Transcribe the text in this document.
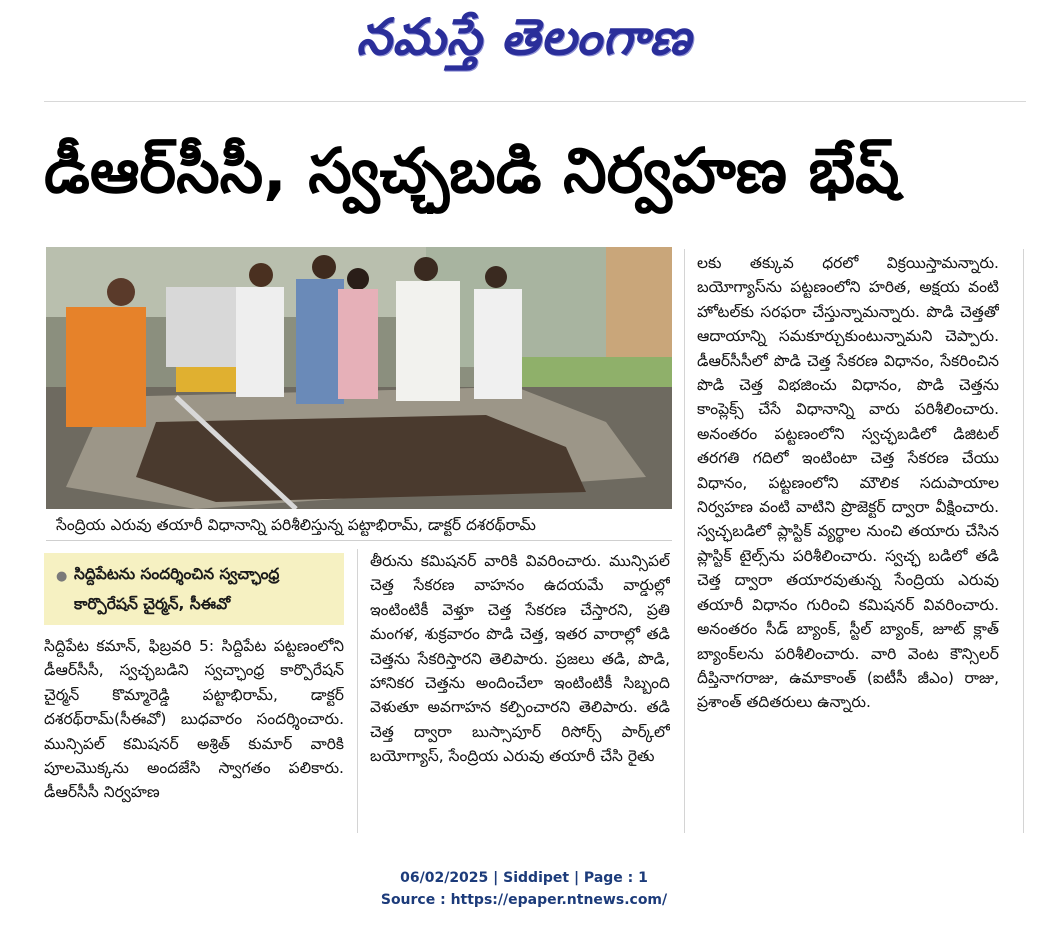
నమస్తే తెలంగాణ
డీఆర్‌సీసీ, స్వచ్ఛబడి నిర్వహణ భేష్
సేంద్రియ ఎరువు తయారీ విధానాన్ని పరిశీలిస్తున్న పట్టాభిరామ్‌, డాక్టర్‌ దశరథ్‌రామ్‌
● సిద్దిపేటను సందర్శించిన స్వచ్ఛాంధ్ర కార్పొరేషన్‌ చైర్మన్‌, సీఈవో
సిద్దిపేట కమాన్‌, ఫిబ్రవరి 5: సిద్దిపేట పట్టణంలోని డీఆర్‌సీసీ, స్వచ్ఛబడిని స్వచ్ఛాంధ్ర కార్పొరేషన్‌ చైర్మన్‌ కొమ్మారెడ్డి పట్టాభిరామ్‌, డాక్టర్‌ దశరథ్‌రామ్‌(సీఈవో) బుధవారం సందర్శించారు. మున్సిపల్‌ కమిషనర్‌ అశ్రిత్‌ కుమార్‌ వారికి పూలమొక్కను అందజేసి స్వాగతం పలికారు. డీఆర్‌సీసీ నిర్వహణ
తీరును కమిషనర్‌ వారికి వివరించారు. మున్సిపల్‌ చెత్త సేకరణ వాహనం ఉదయమే వార్డుల్లో ఇంటింటికీ వెళ్తూ చెత్త సేకరణ చేస్తారని, ప్రతి మంగళ, శుక్రవారం పొడి చెత్త, ఇతర వారాల్లో తడి చెత్తను సేకరిస్తారని తెలిపారు. ప్రజలు తడి, పొడి, హానికర చెత్తను అందించేలా ఇంటింటికీ సిబ్బంది వెళుతూ అవగాహన కల్పించారని తెలిపారు. తడి చెత్త ద్వారా బుస్సాపూర్‌ రిసోర్స్‌ పార్క్‌లో బయోగ్యాస్‌, సేంద్రియ ఎరువు తయారీ చేసి రైతు
లకు తక్కువ ధరలో విక్రయిస్తామన్నారు. బయోగ్యాస్‌ను పట్టణంలోని హరిత, అక్షయ వంటి హోటల్‌కు సరఫరా చేస్తున్నామన్నారు. పొడి చెత్తతో ఆదాయాన్ని సమకూర్చుకుంటున్నామని చెప్పారు. డీఆర్‌సీసీలో పొడి చెత్త సేకరణ విధానం, సేకరించిన పొడి చెత్త విభజించు విధానం, పొడి చెత్తను కాంప్లెక్స్‌ చేసే విధానాన్ని వారు పరిశీలించారు. అనంతరం పట్టణంలోని స్వచ్ఛబడిలో డిజిటల్‌ తరగతి గదిలో ఇంటింటా చెత్త సేకరణ చేయు విధానం, పట్టణంలోని మౌలిక సదుపాయాల నిర్వహణ వంటి వాటిని ప్రొజెక్టర్‌ ద్వారా వీక్షించారు. స్వచ్ఛబడిలో ప్లాస్టిక్‌ వ్యర్థాల నుంచి తయారు చేసిన ప్లాస్టిక్‌ టైల్స్‌ను పరిశీలించారు. స్వచ్ఛ బడిలో తడి చెత్త ద్వారా తయారవుతున్న సేంద్రియ ఎరువు తయారీ విధానం గురించి కమిషనర్‌ వివరించారు. అనంతరం సీడ్‌ బ్యాంక్‌, స్టీల్‌ బ్యాంక్‌, జూట్‌ క్లాత్‌ బ్యాంక్‌లను పరిశీలించారు. వారి వెంట కౌన్సిలర్‌ దీప్తినాగరాజు, ఉమాకాంత్‌ (ఐటీసీ జీఎం) రాజు, ప్రశాంత్‌ తదితరులు ఉన్నారు.
06/02/2025 | Siddipet | Page : 1
Source : https://epaper.ntnews.com/
